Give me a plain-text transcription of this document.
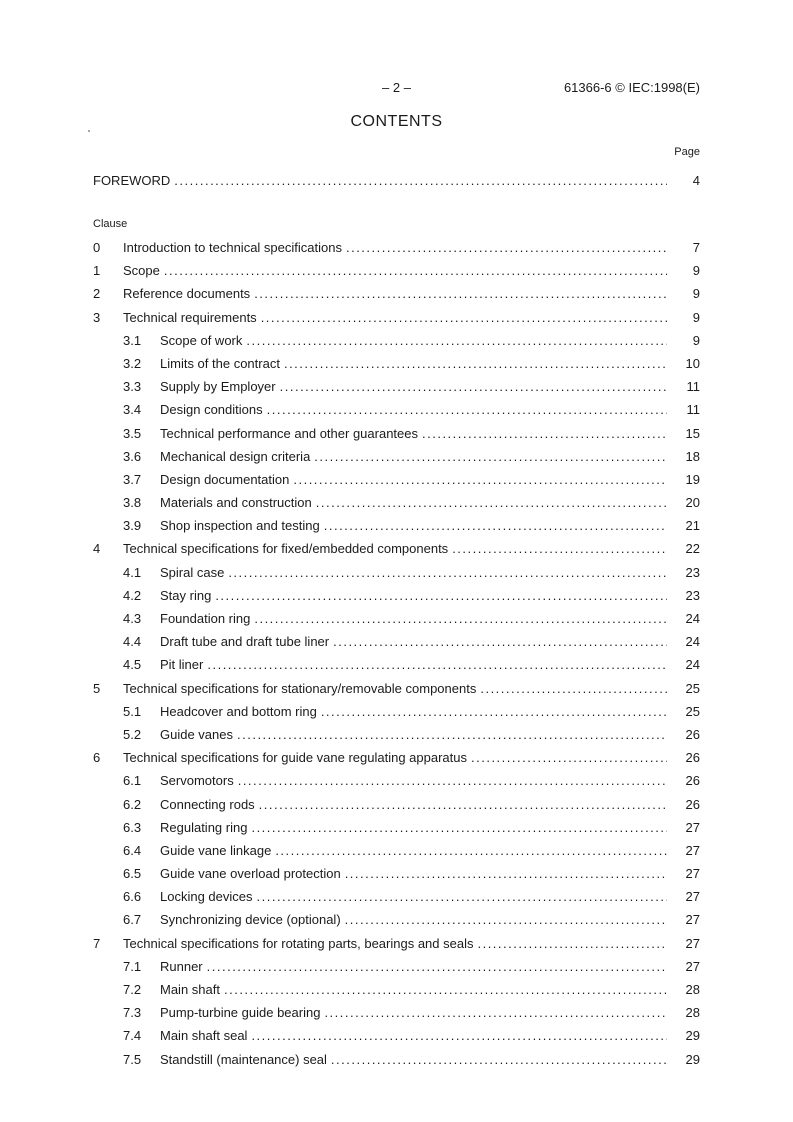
– 2 –	61366-6 © IEC:1998(E)
CONTENTS
Page
FOREWORD .....	4
Clause
0	Introduction to technical specifications .....	7
1	Scope .....	9
2	Reference documents .....	9
3	Technical requirements .....	9
3.1	Scope of work .....	9
3.2	Limits of the contract .....	10
3.3	Supply by Employer .....	11
3.4	Design conditions .....	11
3.5	Technical performance and other guarantees .....	15
3.6	Mechanical design criteria .....	18
3.7	Design documentation .....	19
3.8	Materials and construction .....	20
3.9	Shop inspection and testing .....	21
4	Technical specifications for fixed/embedded components .....	22
4.1	Spiral case .....	23
4.2	Stay ring .....	23
4.3	Foundation ring .....	24
4.4	Draft tube and draft tube liner .....	24
4.5	Pit liner .....	24
5	Technical specifications for stationary/removable components .....	25
5.1	Headcover and bottom ring .....	25
5.2	Guide vanes .....	26
6	Technical specifications for guide vane regulating apparatus .....	26
6.1	Servomotors .....	26
6.2	Connecting rods .....	26
6.3	Regulating ring .....	27
6.4	Guide vane linkage .....	27
6.5	Guide vane overload protection .....	27
6.6	Locking devices .....	27
6.7	Synchronizing device (optional) .....	27
7	Technical specifications for rotating parts, bearings and seals .....	27
7.1	Runner .....	27
7.2	Main shaft .....	28
7.3	Pump-turbine guide bearing .....	28
7.4	Main shaft seal .....	29
7.5	Standstill (maintenance) seal .....	29
